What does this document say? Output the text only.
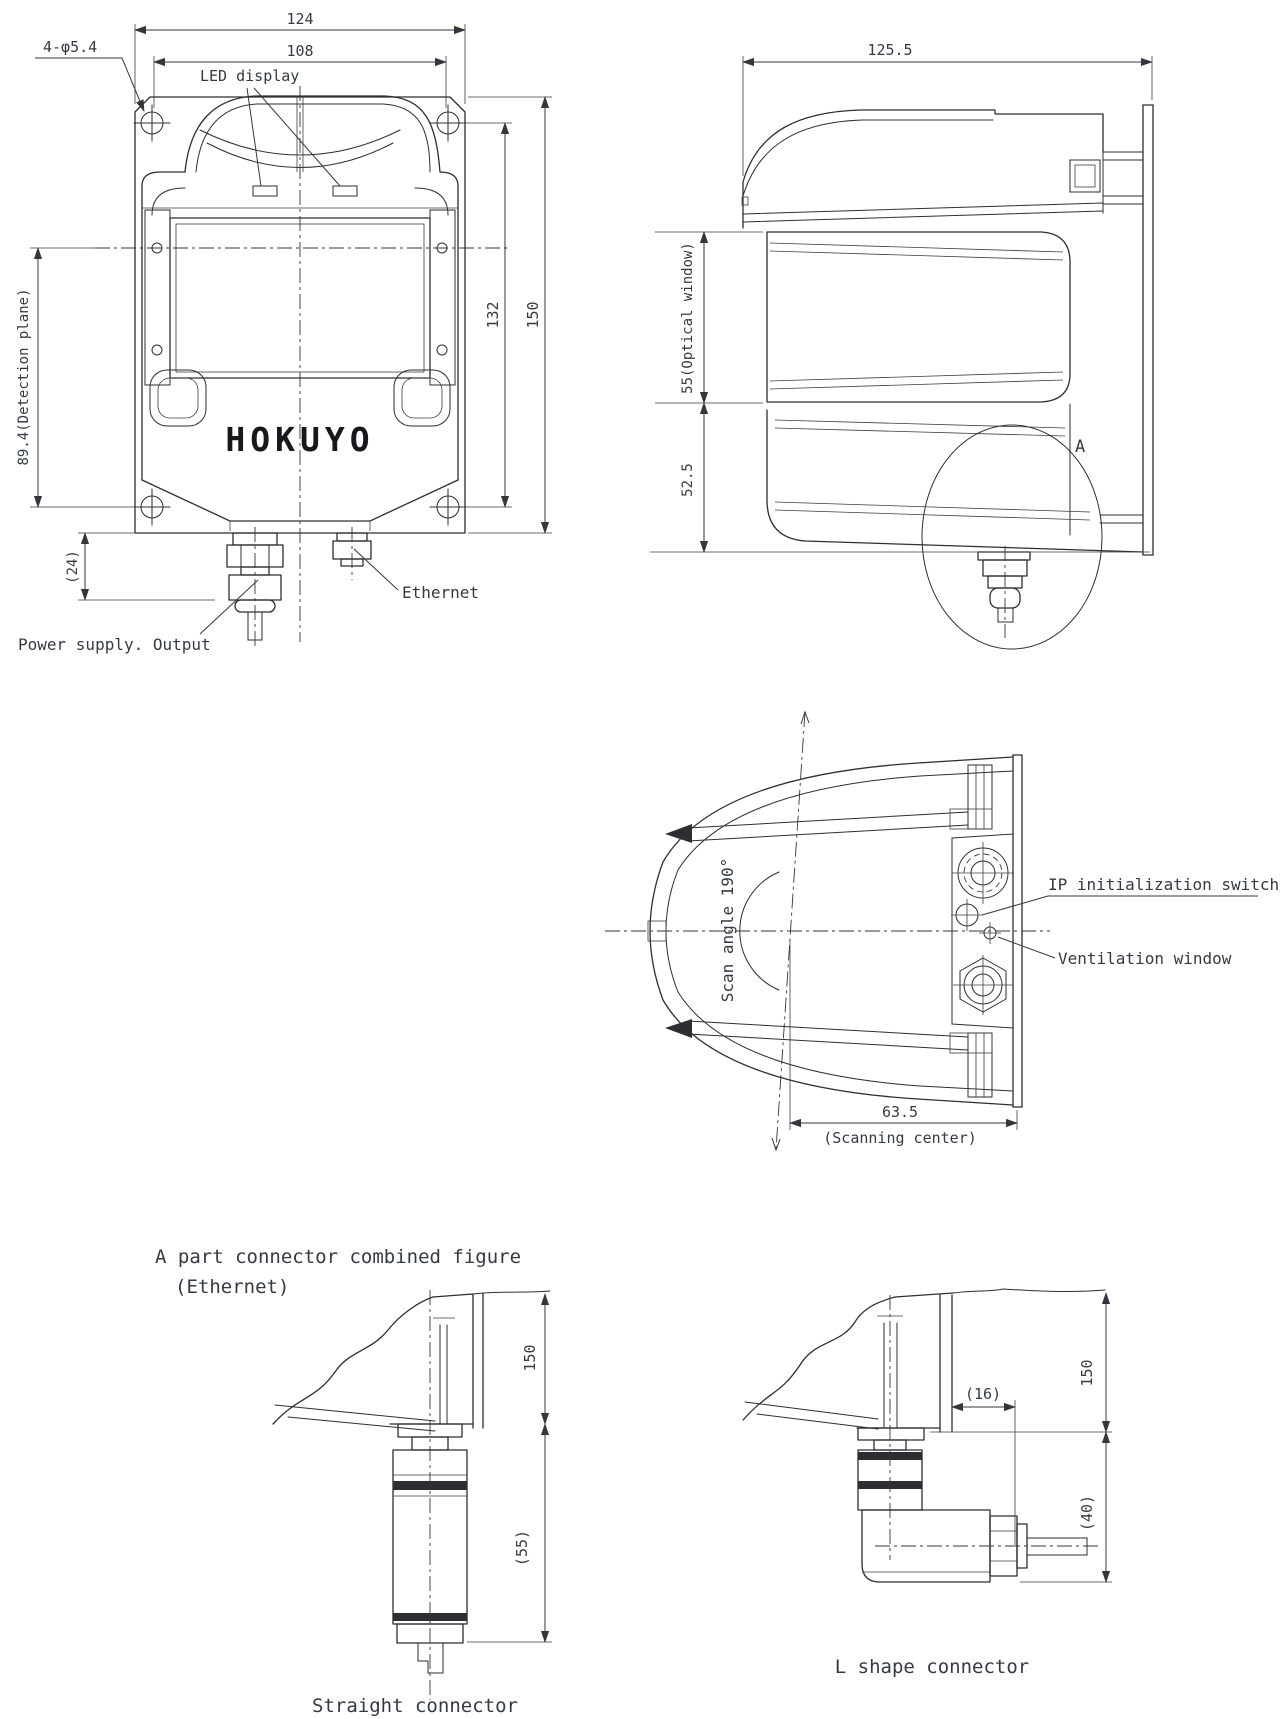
HOKUYO
124
108
4-φ5.4
LED display
132 150
89.4(Detection plane)
(24)
Ethernet
Power supply. Output
A
125.5
55(Optical window)
52.5
Scan angle 190°	IP initialization switch
Ventilation window
63.5
(Scanning center)
A part connector combined figure
(Ethernet)
150
(55)
Straight connector
(16)
150
(40)
L shape connector
